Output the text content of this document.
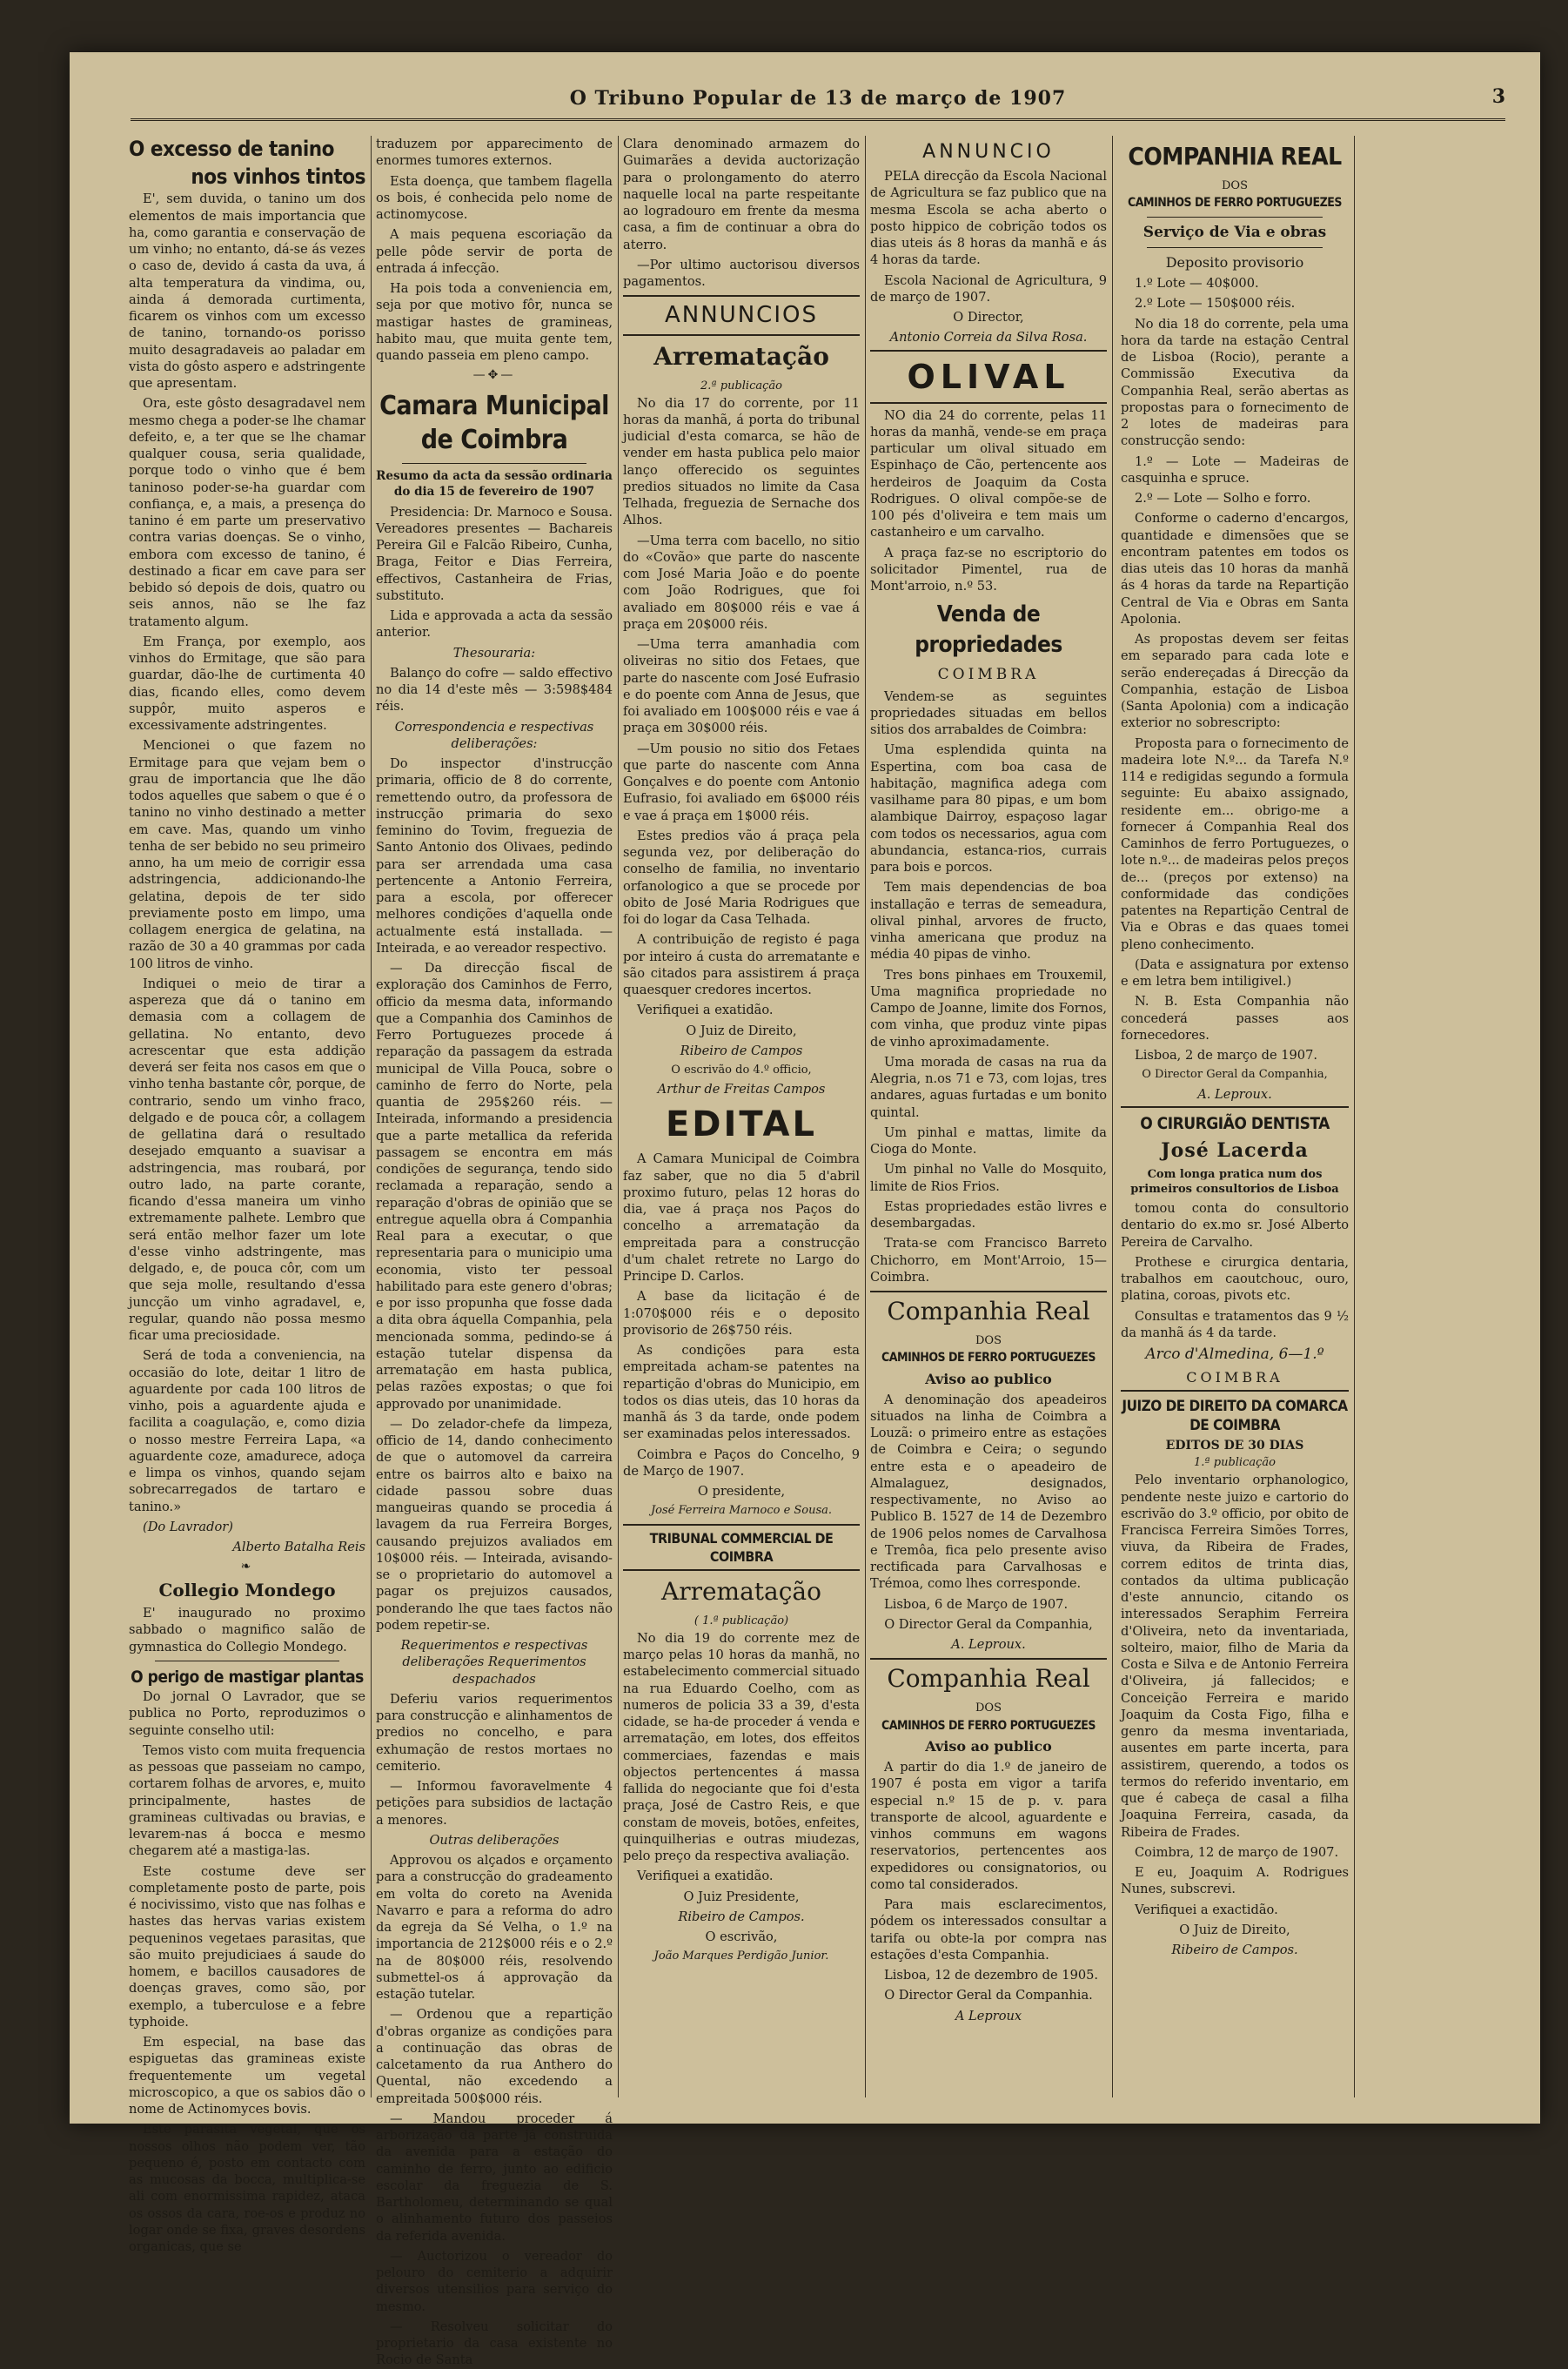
O Tribuno Popular de 13 de março de 1907	3
O excesso de tanino
nos vinhos tintos

E', sem duvida, o tanino um dos elementos de mais importancia que ha, como garantia e conservação de um vinho; no entanto, dá-se ás vezes o caso de, devido á casta da uva, á alta temperatura da vindima, ou, ainda á demorada curtimenta, ficarem os vinhos com um excesso de tanino, tornando-os porisso muito desagradaveis ao paladar em vista do gôsto aspero e adstringente que apresentam.

Ora, este gôsto desagradavel nem mesmo chega a poder-se lhe chamar defeito, e, a ter que se lhe chamar qualquer cousa, seria qualidade, porque todo o vinho que é bem taninoso poder-se-ha guardar com confiança, e, a mais, a presença do tanino é em parte um preservativo contra varias doenças. Se o vinho, embora com excesso de tanino, é destinado a ficar em cave para ser bebido só depois de dois, quatro ou seis annos, não se lhe faz tratamento algum.

Em França, por exemplo, aos vinhos do Ermitage, que são para guardar, dão-lhe de curtimenta 40 dias, ficando elles, como devem suppôr, muito asperos e excessivamente adstringentes.

Mencionei o que fazem no Ermitage para que vejam bem o grau de importancia que lhe dão todos aquelles que sabem o que é o tanino no vinho destinado a metter em cave. Mas, quando um vinho tenha de ser bebido no seu primeiro anno, ha um meio de corrigir essa adstringencia, addicionando-lhe gelatina, depois de ter sido previamente posto em limpo, uma collagem energica de gelatina, na razão de 30 a 40 grammas por cada 100 litros de vinho.

Indiquei o meio de tirar a aspereza que dá o tanino em demasia com a collagem de gellatina. No entanto, devo acrescentar que esta addição deverá ser feita nos casos em que o vinho tenha bastante côr, porque, de contrario, sendo um vinho fraco, delgado e de pouca côr, a collagem de gellatina dará o resultado desejado emquanto a suavisar a adstringencia, mas roubará, por outro lado, na parte corante, ficando d'essa maneira um vinho extremamente palhete. Lembro que será então melhor fazer um lote d'esse vinho adstringente, mas delgado, e, de pouca côr, com um que seja molle, resultando d'essa juncção um vinho agradavel, e, regular, quando não possa mesmo ficar uma preciosidade.

Será de toda a conveniencia, na occasião do lote, deitar 1 litro de aguardente por cada 100 litros de vinho, pois a aguardente ajuda e facilita a coagulação, e, como dizia o nosso mestre Ferreira Lapa, «a aguardente coze, amadurece, adoça e limpa os vinhos, quando sejam sobrecarregados de tartaro e tanino.»

(Do Lavrador)

Alberto Batalha Reis

❧
Collegio Mondego

E' inaugurado no proximo sabbado o magnifico salão de gymnastica do Collegio Mondego.

O perigo de mastigar plantas

Do jornal O Lavrador, que se publica no Porto, reproduzimos o seguinte conselho util:

Temos visto com muita frequencia as pessoas que passeiam no campo, cortarem folhas de arvores, e, muito principalmente, hastes de gramineas cultivadas ou bravias, e levarem-nas á bocca e mesmo chegarem até a mastiga-las.

Este costume deve ser completamente posto de parte, pois é nocivissimo, visto que nas folhas e hastes das hervas varias existem pequeninos vegetaes parasitas, que são muito prejudiciaes á saude do homem, e bacillos causadores de doenças graves, como são, por exemplo, a tuberculose e a febre typhoide.

Em especial, na base das espiguetas das gramineas existe frequentemente um vegetal microscopico, a que os sabios dão o nome de Actinomyces bovis.

Este parasita vegetal, que os nossos olhos não podem ver, tão pequeno é, posto em contacto com as mucosas da bocca, multiplica-se ali com enormissima rapidez, ataca os ossos da cara, roe-os e produz no logar onde se fixa, graves desordens organicas, que se

traduzem por apparecimento de enormes tumores externos.

Esta doença, que tambem flagella os bois, é conhecida pelo nome de actinomycose.

A mais pequena escoriação da pelle pôde servir de porta de entrada á infecção.

Ha pois toda a conveniencia em, seja por que motivo fôr, nunca se mastigar hastes de gramineas, habito mau, que muita gente tem, quando passeia em pleno campo.

—✥—
Camara Municipal de Coimbra

Resumo da acta da sessão ordinaria do dia 15 de fevereiro de 1907

Presidencia: Dr. Marnoco e Sousa. Vereadores presentes — Bachareis Pereira Gil e Falcão Ribeiro, Cunha, Braga, Feitor e Dias Ferreira, effectivos, Castanheira de Frias, substituto.

Lida e approvada a acta da sessão anterior.

Thesouraria:

Balanço do cofre — saldo effectivo no dia 14 d'este mês — 3:598$484 réis.

Correspondencia e respectivas deliberações:

Do inspector d'instrucção primaria, officio de 8 do corrente, remettendo outro, da professora de instrucção primaria do sexo feminino do Tovim, freguezia de Santo Antonio dos Olivaes, pedindo para ser arrendada uma casa pertencente a Antonio Ferreira, para a escola, por offerecer melhores condições d'aquella onde actualmente está installada. — Inteirada, e ao vereador respectivo.

— Da direcção fiscal de exploração dos Caminhos de Ferro, officio da mesma data, informando que a Companhia dos Caminhos de Ferro Portuguezes procede á reparação da passagem da estrada municipal de Villa Pouca, sobre o caminho de ferro do Norte, pela quantia de 295$260 réis. — Inteirada, informando a presidencia que a parte metallica da referida passagem se encontra em más condições de segurança, tendo sido reclamada a reparação, sendo a reparação d'obras de opinião que se entregue aquella obra á Companhia Real para a executar, o que representaria para o municipio uma economia, visto ter pessoal habilitado para este genero d'obras; e por isso propunha que fosse dada a dita obra áquella Companhia, pela mencionada somma, pedindo-se á estação tutelar dispensa da arrematação em hasta publica, pelas razões expostas; o que foi approvado por unanimidade.

— Do zelador-chefe da limpeza, officio de 14, dando conhecimento de que o automovel da carreira entre os bairros alto e baixo na cidade passou sobre duas mangueiras quando se procedia á lavagem da rua Ferreira Borges, causando prejuizos avaliados em 10$000 réis. — Inteirada, avisando-se o proprietario do automovel a pagar os prejuizos causados, ponderando lhe que taes factos não podem repetir-se.

Requerimentos e respectivas deliberações Requerimentos despachados

Deferiu varios requerimentos para construcção e alinhamentos de predios no concelho, e para exhumação de restos mortaes no cemiterio.

— Informou favoravelmente 4 petições para subsidios de lactação a menores.

Outras deliberações

Approvou os alçados e orçamento para a construcção do gradeamento em volta do coreto na Avenida Navarro e para a reforma do adro da egreja da Sé Velha, o 1.º na importancia de 212$000 réis e o 2.º na de 80$000 réis, resolvendo submettel-os á approvação da estação tutelar.

— Ordenou que a repartição d'obras organize as condições para a continuação das obras de calcetamento da rua Anthero do Quental, não excedendo a empreitada 500$000 réis.

— Mandou proceder á arborização da parte já construida da avenida para a estação do caminho de ferro, junto ao edificio escolar da freguezia de S. Bartholomeu, determinando se qual o alinhamento futuro dos passeios da referida avenida.

— Auctorizou o vereador do pelouro do cemiterio a adquirir diversos utensilios para serviço do mesmo.

— Resolveu solicitar do proprietario da casa existente no Rocio de Santa

Clara denominado armazem do Guimarães a devida auctorização para o prolongamento do aterro naquelle local na parte respeitante ao logradouro em frente da mesma casa, a fim de continuar a obra do aterro.

—Por ultimo auctorisou diversos pagamentos.

ANNUNCIOS
Arrematação
2.ª publicação

No dia 17 do corrente, por 11 horas da manhã, á porta do tribunal judicial d'esta comarca, se hão de vender em hasta publica pelo maior lanço offerecido os seguintes predios situados no limite da Casa Telhada, freguezia de Sernache dos Alhos.

—Uma terra com bacello, no sitio do «Covão» que parte do nascente com José Maria João e do poente com João Rodrigues, que foi avaliado em 80$000 réis e vae á praça em 20$000 réis.

—Uma terra amanhadia com oliveiras no sitio dos Fetaes, que parte do nascente com José Eufrasio e do poente com Anna de Jesus, que foi avaliado em 100$000 réis e vae á praça em 30$000 réis.

—Um pousio no sitio dos Fetaes que parte do nascente com Anna Gonçalves e do poente com Antonio Eufrasio, foi avaliado em 6$000 réis e vae á praça em 1$000 réis.

Estes predios vão á praça pela segunda vez, por deliberação do conselho de familia, no inventario orfanologico a que se procede por obito de José Maria Rodrigues que foi do logar da Casa Telhada.

A contribuição de registo é paga por inteiro á custa do arrematante e são citados para assistirem á praça quaesquer credores incertos.

Verifiquei a exatidão.

O Juiz de Direito,

Ribeiro de Campos

O escrivão do 4.º officio,

Arthur de Freitas Campos

EDITAL

A Camara Municipal de Coimbra faz saber, que no dia 5 d'abril proximo futuro, pelas 12 horas do dia, vae á praça nos Paços do concelho a arrematação da empreitada para a construcção d'um chalet retrete no Largo do Principe D. Carlos.

A base da licitação é de 1:070$000 réis e o deposito provisorio de 26$750 réis.

As condições para esta empreitada acham-se patentes na repartição d'obras do Municipio, em todos os dias uteis, das 10 horas da manhã ás 3 da tarde, onde podem ser examinadas pelos interessados.

Coimbra e Paços do Concelho, 9 de Março de 1907.

O presidente,

José Ferreira Marnoco e Sousa.

TRIBUNAL COMMERCIAL DE COIMBRA
Arrematação
( 1.ª publicação)

No dia 19 do corrente mez de março pelas 10 horas da manhã, no estabelecimento commercial situado na rua Eduardo Coelho, com as numeros de policia 33 a 39, d'esta cidade, se ha-de proceder á venda e arrematação, em lotes, dos effeitos commerciaes, fazendas e mais objectos pertencentes á massa fallida do negociante que foi d'esta praça, José de Castro Reis, e que constam de moveis, botões, enfeites, quinquilherias e outras miudezas, pelo preço da respectiva avaliação.

Verifiquei a exatidão.

O Juiz Presidente,

Ribeiro de Campos.

O escrivão,

João Marques Perdigão Junior.

ANNUNCIO

PELA direcção da Escola Nacional de Agricultura se faz publico que na mesma Escola se acha aberto o posto hippico de cobrição todos os dias uteis ás 8 horas da manhã e ás 4 horas da tarde.

Escola Nacional de Agricultura, 9 de março de 1907.

O Director,

Antonio Correia da Silva Rosa.

OLIVAL

NO dia 24 do corrente, pelas 11 horas da manhã, vende-se em praça particular um olival situado em Espinhaço de Cão, pertencente aos herdeiros de Joaquim da Costa Rodrigues. O olival compõe-se de 100 pés d'oliveira e tem mais um castanheiro e um carvalho.

A praça faz-se no escriptorio do solicitador Pimentel, rua de Mont'arroio, n.º 53.

Venda de propriedades
COIMBRA

Vendem-se as seguintes propriedades situadas em bellos sitios dos arrabaldes de Coimbra:

Uma esplendida quinta na Espertina, com boa casa de habitação, magnifica adega com vasilhame para 80 pipas, e um bom alambique Dairroy, espaçoso lagar com todos os necessarios, agua com abundancia, estanca-rios, currais para bois e porcos.

Tem mais dependencias de boa installação e terras de semeadura, olival pinhal, arvores de fructo, vinha americana que produz na média 40 pipas de vinho.

Tres bons pinhaes em Trouxemil, Uma magnifica propriedade no Campo de Joanne, limite dos Fornos, com vinha, que produz vinte pipas de vinho aproximadamente.

Uma morada de casas na rua da Alegria, n.os 71 e 73, com lojas, tres andares, aguas furtadas e um bonito quintal.

Um pinhal e mattas, limite da Cioga do Monte.

Um pinhal no Valle do Mosquito, limite de Rios Frios.

Estas propriedades estão livres e desembargadas.

Trata-se com Francisco Barreto Chichorro, em Mont'Arroio, 15—Coimbra.

Companhia Real
DOS
CAMINHOS DE FERRO PORTUGUEZES
Aviso ao publico

A denominação dos apeadeiros situados na linha de Coimbra a Louzã: o primeiro entre as estações de Coimbra e Ceira; o segundo entre esta e o apeadeiro de Almalaguez, designados, respectivamente, no Aviso ao Publico B. 1527 de 14 de Dezembro de 1906 pelos nomes de Carvalhosa e Tremôa, fica pelo presente aviso rectificada para Carvalhosas e Trémoa, como lhes corresponde.

Lisboa, 6 de Março de 1907.

O Director Geral da Companhia,

A. Leproux.

Companhia Real
DOS
CAMINHOS DE FERRO PORTUGUEZES
Aviso ao publico

A partir do dia 1.º de janeiro de 1907 é posta em vigor a tarifa especial n.º 15 de p. v. para transporte de alcool, aguardente e vinhos communs em wagons reservatorios, pertencentes aos expedidores ou consignatorios, ou como tal considerados.

Para mais esclarecimentos, pódem os interessados consultar a tarifa ou obte-la por compra nas estações d'esta Companhia.

Lisboa, 12 de dezembro de 1905.

O Director Geral da Companhia.

A Leproux

COMPANHIA REAL
DOS
CAMINHOS DE FERRO PORTUGUEZES
Serviço de Via e obras
Deposito provisorio

1.º Lote — 40$000.

2.º Lote — 150$000 réis.

No dia 18 do corrente, pela uma hora da tarde na estação Central de Lisboa (Rocio), perante a Commissão Executiva da Companhia Real, serão abertas as propostas para o fornecimento de 2 lotes de madeiras para construcção sendo:

1.º — Lote — Madeiras de casquinha e spruce.

2.º — Lote — Solho e forro.

Conforme o caderno d'encargos, quantidade e dimensões que se encontram patentes em todos os dias uteis das 10 horas da manhã ás 4 horas da tarde na Repartição Central de Via e Obras em Santa Apolonia.

As propostas devem ser feitas em separado para cada lote e serão endereçadas á Direcção da Companhia, estação de Lisboa (Santa Apolonia) com a indicação exterior no sobrescripto:

Proposta para o fornecimento de madeira lote N.º... da Tarefa N.º 114 e redigidas segundo a formula seguinte: Eu abaixo assignado, residente em... obrigo-me a fornecer á Companhia Real dos Caminhos de ferro Portuguezes, o lote n.º... de madeiras pelos preços de... (preços por extenso) na conformidade das condições patentes na Repartição Central de Via e Obras e das quaes tomei pleno conhecimento.

(Data e assignatura por extenso e em letra bem intiligivel.)

N. B. Esta Companhia não concederá passes aos fornecedores.

Lisboa, 2 de março de 1907.

O Director Geral da Companhia,

A. Leproux.

O CIRURGIÃO DENTISTA
José Lacerda

Com longa pratica num dos primeiros consultorios de Lisboa

tomou conta do consultorio dentario do ex.mo sr. José Alberto Pereira de Carvalho.

Prothese e cirurgica dentaria, trabalhos em caoutchouc, ouro, platina, coroas, pivots etc.

Consultas e tratamentos das 9 ½ da manhã ás 4 da tarde.

Arco d'Almedina, 6—1.º

COIMBRA

JUIZO DE DIREITO DA COMARCA DE COIMBRA
EDITOS DE 30 DIAS
1.ª publicação

Pelo inventario orphanologico, pendente neste juizo e cartorio do escrivão do 3.º officio, por obito de Francisca Ferreira Simões Torres, viuva, da Ribeira de Frades, correm editos de trinta dias, contados da ultima publicação d'este annuncio, citando os interessados Seraphim Ferreira d'Oliveira, neto da inventariada, solteiro, maior, filho de Maria da Costa e Silva e de Antonio Ferreira d'Oliveira, já fallecidos; e Conceição Ferreira e marido Joaquim da Costa Figo, filha e genro da mesma inventariada, ausentes em parte incerta, para assistirem, querendo, a todos os termos do referido inventario, em que é cabeça de casal a filha Joaquina Ferreira, casada, da Ribeira de Frades.

Coimbra, 12 de março de 1907.

E eu, Joaquim A. Rodrigues Nunes, subscrevi.

Verifiquei a exactidão.

O Juiz de Direito,

Ribeiro de Campos.
